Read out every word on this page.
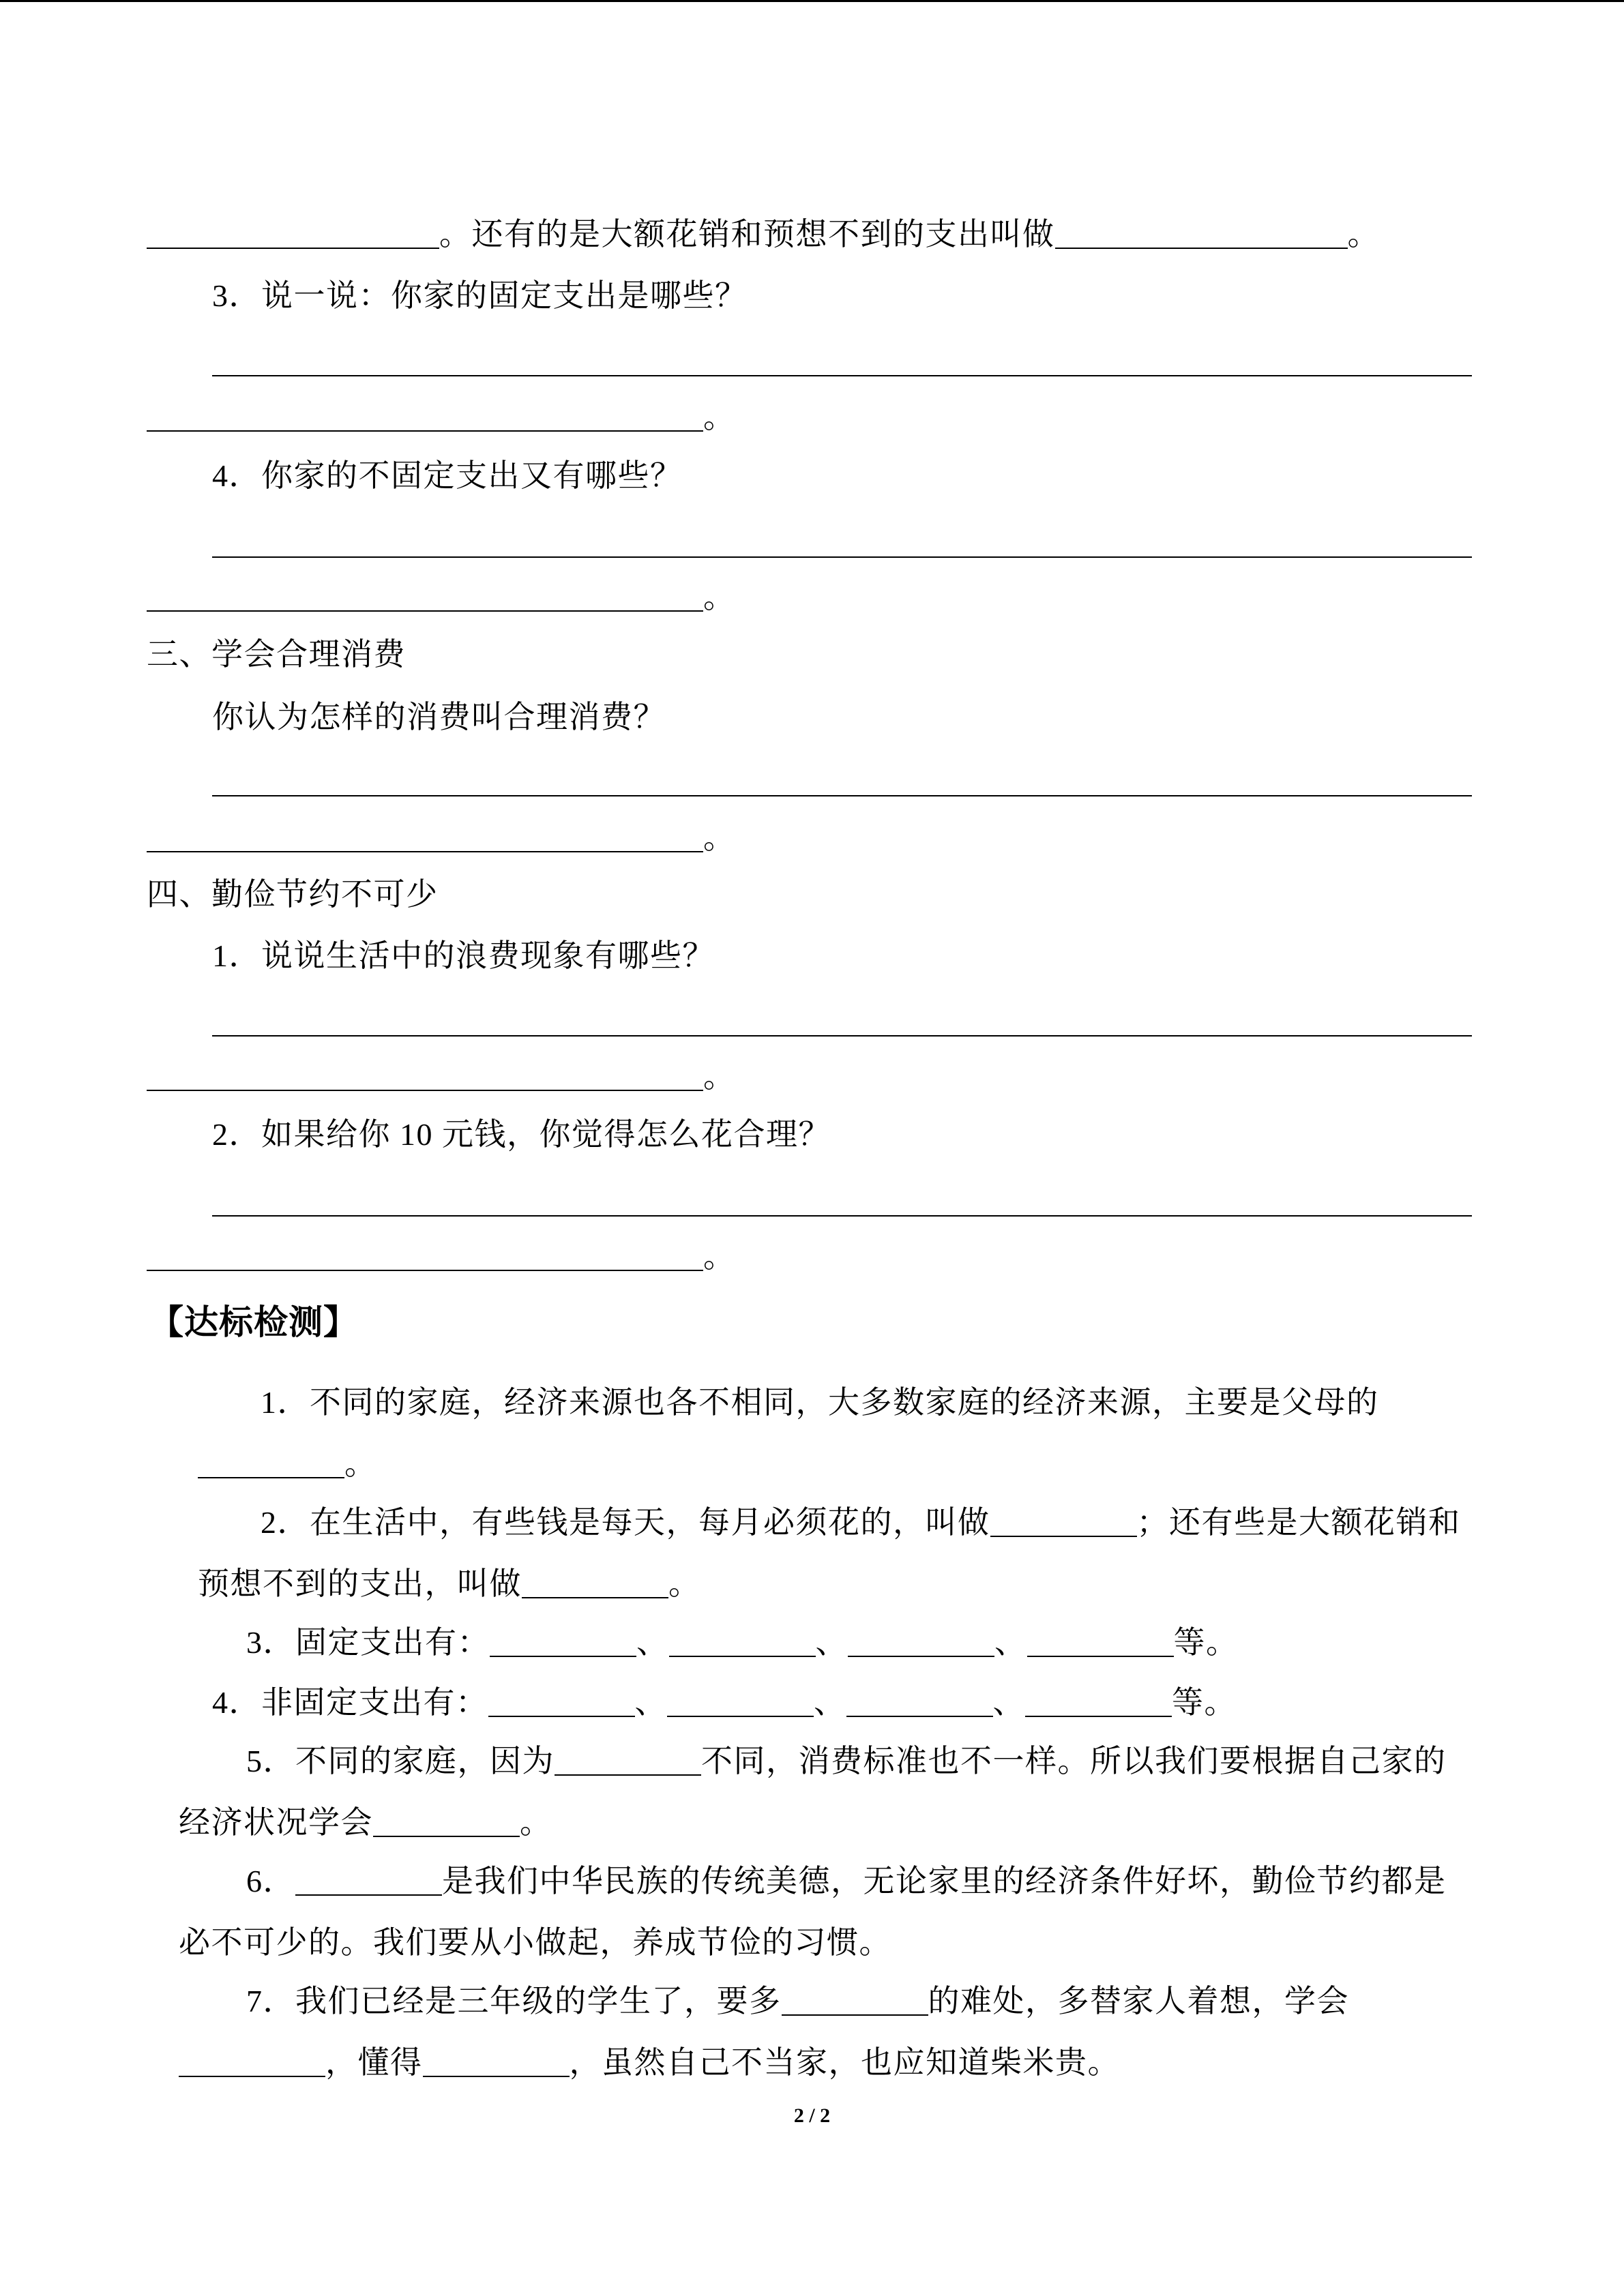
。还有的是大额花销和预想不到的支出叫做	。
3．说一说：你家的固定支出是哪些？
。
4．你家的不固定支出又有哪些？
。
三、学会合理消费
你认为怎样的消费叫合理消费？
。
四、勤俭节约不可少
1．说说生活中的浪费现象有哪些？
。
2．如果给你 10 元钱，你觉得怎么花合理？
。
【达标检测】
1．不同的家庭，经济来源也各不相同，大多数家庭的经济来源，主要是父母的
。
2．在生活中，有些钱是每天，每月必须花的，叫做	；还有些是大额花销和
预想不到的支出，叫做	。
3．固定支出有：	、	、	、	等。
4．非固定支出有：	、	、	、	等。
5．不同的家庭，因为	不同，消费标准也不一样。所以我们要根据自己家的
经济状况学会	。
6．	是我们中华民族的传统美德，无论家里的经济条件好坏，勤俭节约都是
必不可少的。我们要从小做起，养成节俭的习惯。
7．我们已经是三年级的学生了，要多	的难处，多替家人着想，学会
，懂得	，虽然自己不当家，也应知道柴米贵。
2 / 2
